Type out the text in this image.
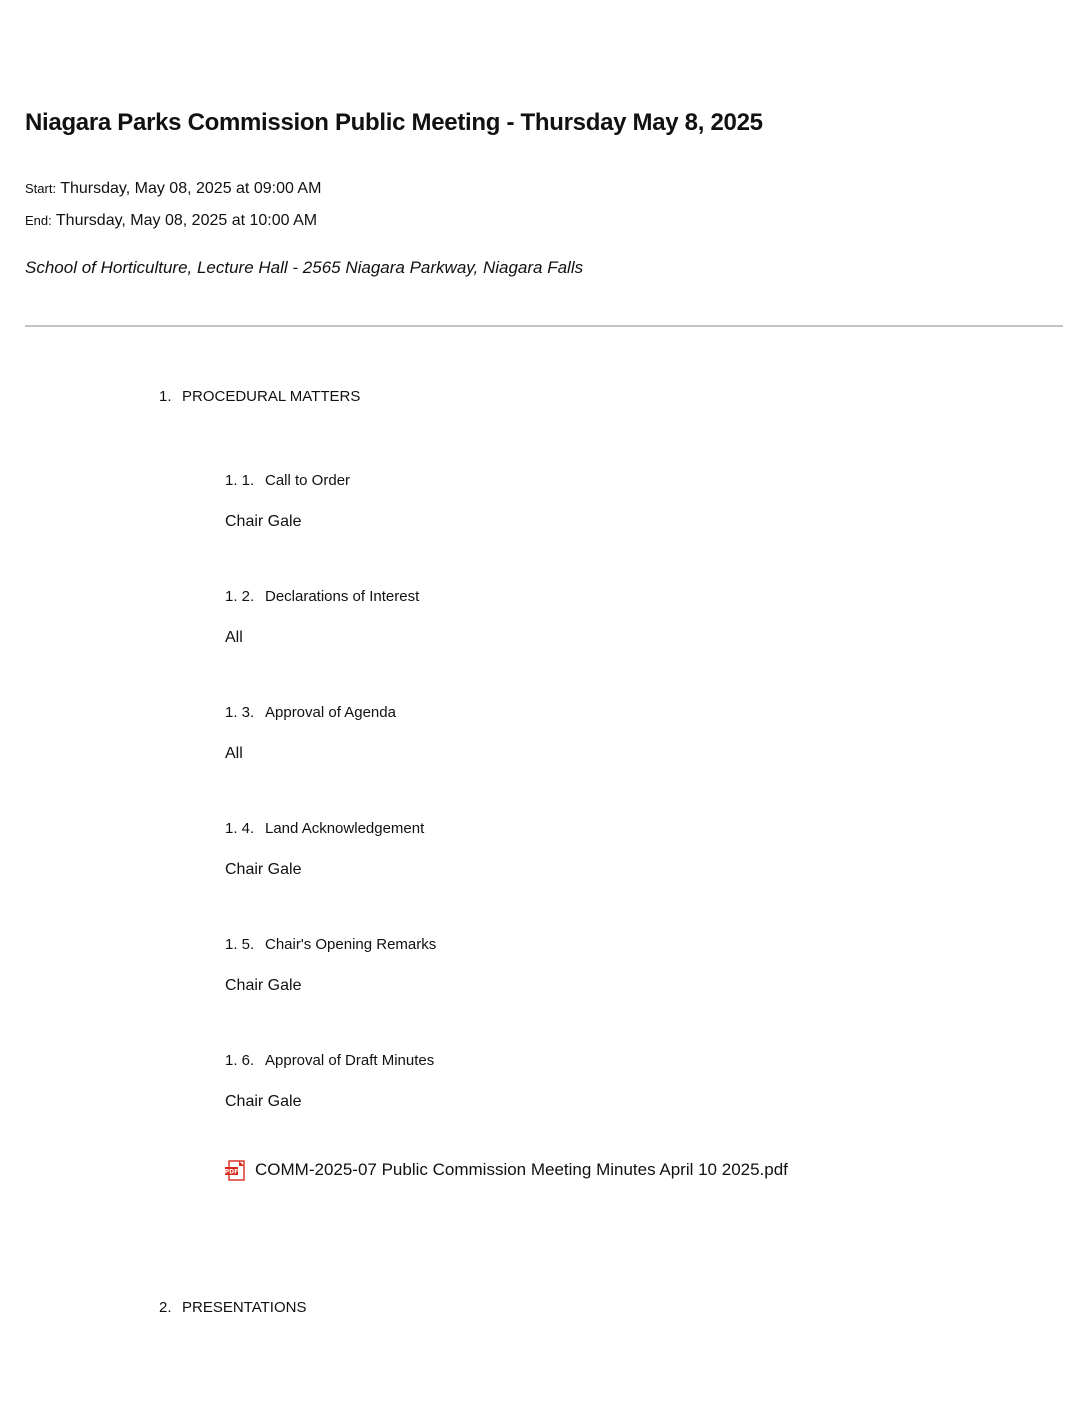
Niagara Parks Commission Public Meeting - Thursday May 8, 2025
Start: Thursday, May 08, 2025 at 09:00 AM
End: Thursday, May 08, 2025 at 10:00 AM
School of Horticulture, Lecture Hall - 2565 Niagara Parkway, Niagara Falls
1. PROCEDURAL MATTERS
1. 1. Call to Order
Chair Gale
1. 2. Declarations of Interest
All
1. 3. Approval of Agenda
All
1. 4. Land Acknowledgement
Chair Gale
1. 5. Chair's Opening Remarks
Chair Gale
1. 6. Approval of Draft Minutes
Chair Gale
PDF COMM-2025-07 Public Commission Meeting Minutes April 10 2025.pdf
2. PRESENTATIONS
